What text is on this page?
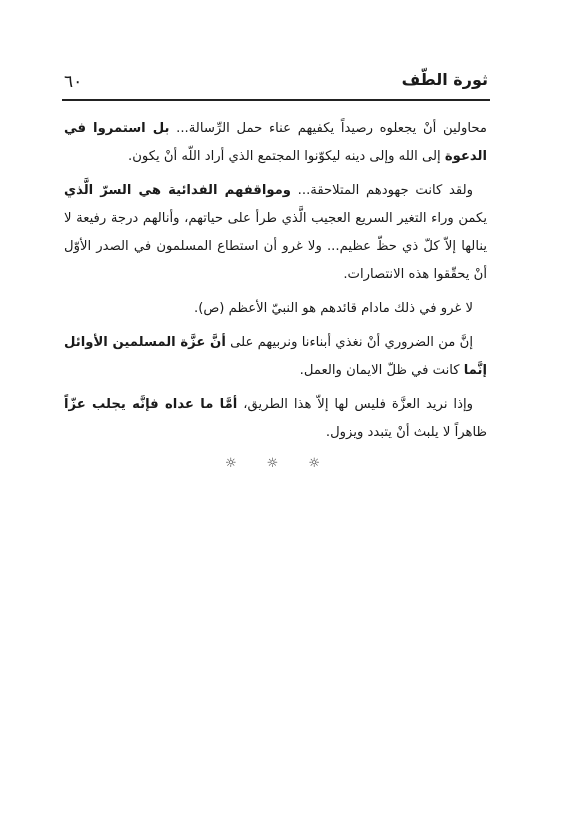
٦٠	ثورة الطّف

محاولين أنْ يجعلوه رصيداً يكفيهم عناء حمل الرِّسالة... بل استمروا في الدعوة إلى الله وإلى دينه ليكوّنوا المجتمع الذي أراد اللّه أنْ يكون.

ولقد كانت جهودهم المتلاحقة... ومواقفهم الفدائية هي السرّ الَّذي يكمن وراء التغير السريع العجيب الَّذي طرأ على حياتهم، وأنالهم درجة رفيعة لا ينالها إلاّ كلّ ذي حظّ عظيم... ولا غرو أن استطاع المسلمون في الصدر الأوّل أنْ يحقّقوا هذه الانتصارات.

لا غرو في ذلك مادام قائدهم هو النبيّ الأعظم (ص).

إنَّ من الضروري أنْ نغذي أبناءنا ونربيهم على أنَّ عزَّة المسلمين الأوائل إنَّما كانت في ظلّ الايمان والعمل.

وإذا نريد العزَّة فليس لها إلاّ هذا الطريق، أمَّا ما عداه فإنَّه يجلب عزّاً ظاهراً لا يلبث أنْ يتبدد ويزول.

☼ ☼ ☼
